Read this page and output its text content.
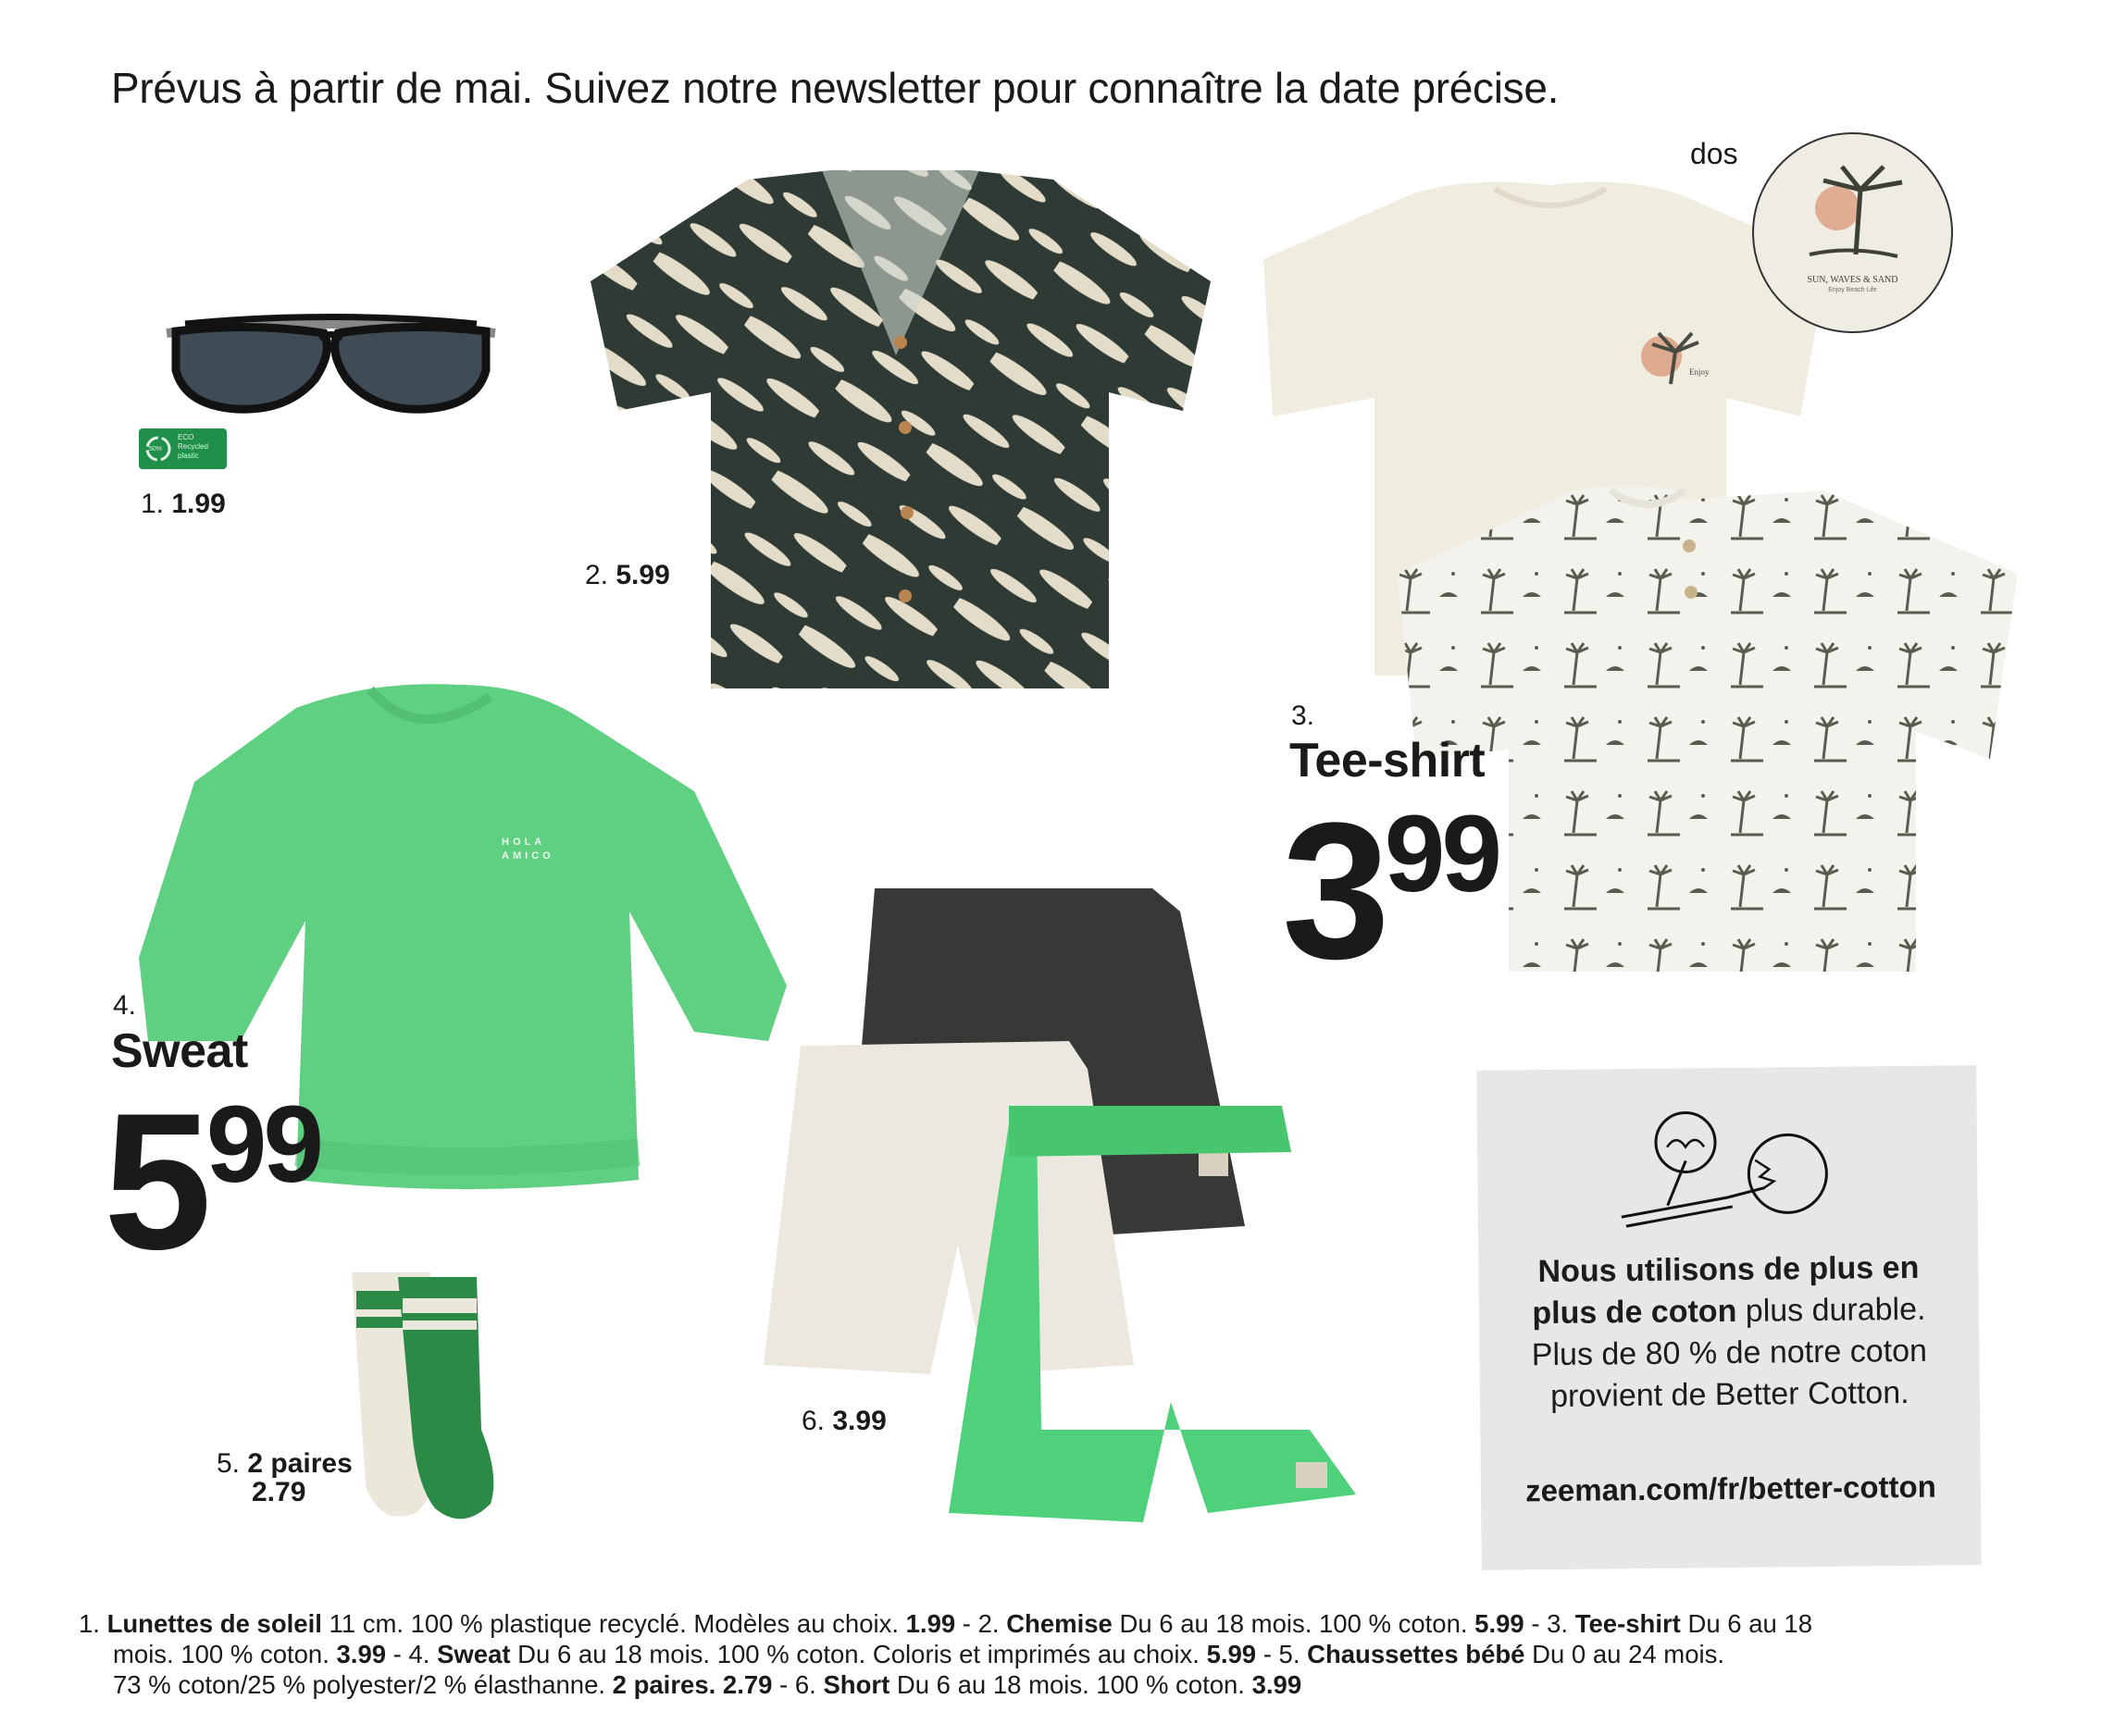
Prévus à partir de mai. Suivez notre newsletter pour connaître la date précise.
50%
ECO
Recycled
plastic
1. 1.99
2. 5.99
Enjoy
SUN, WAVES & SAND
Enjoy Beach Life
dos
3.
Tee-shirt
399
HOLA AMICO
4.
Sweat
599
5. 2 paires
2.79
6. 3.99
Nous utilisons de plus en
plus de coton plus durable.
Plus de 80 % de notre coton
provient de Better Cotton.
zeeman.com/fr/better-cotton
1. Lunettes de soleil 11 cm. 100 % plastique recyclé. Modèles au choix. 1.99 - 2. Chemise Du 6 au 18 mois. 100 % coton. 5.99 - 3. Tee-shirt Du 6 au 18
mois. 100 % coton. 3.99 - 4. Sweat Du 6 au 18 mois. 100 % coton. Coloris et imprimés au choix. 5.99 - 5. Chaussettes bébé Du 0 au 24 mois.
73 % coton/25 % polyester/2 % élasthanne. 2 paires. 2.79 - 6. Short Du 6 au 18 mois. 100 % coton. 3.99
